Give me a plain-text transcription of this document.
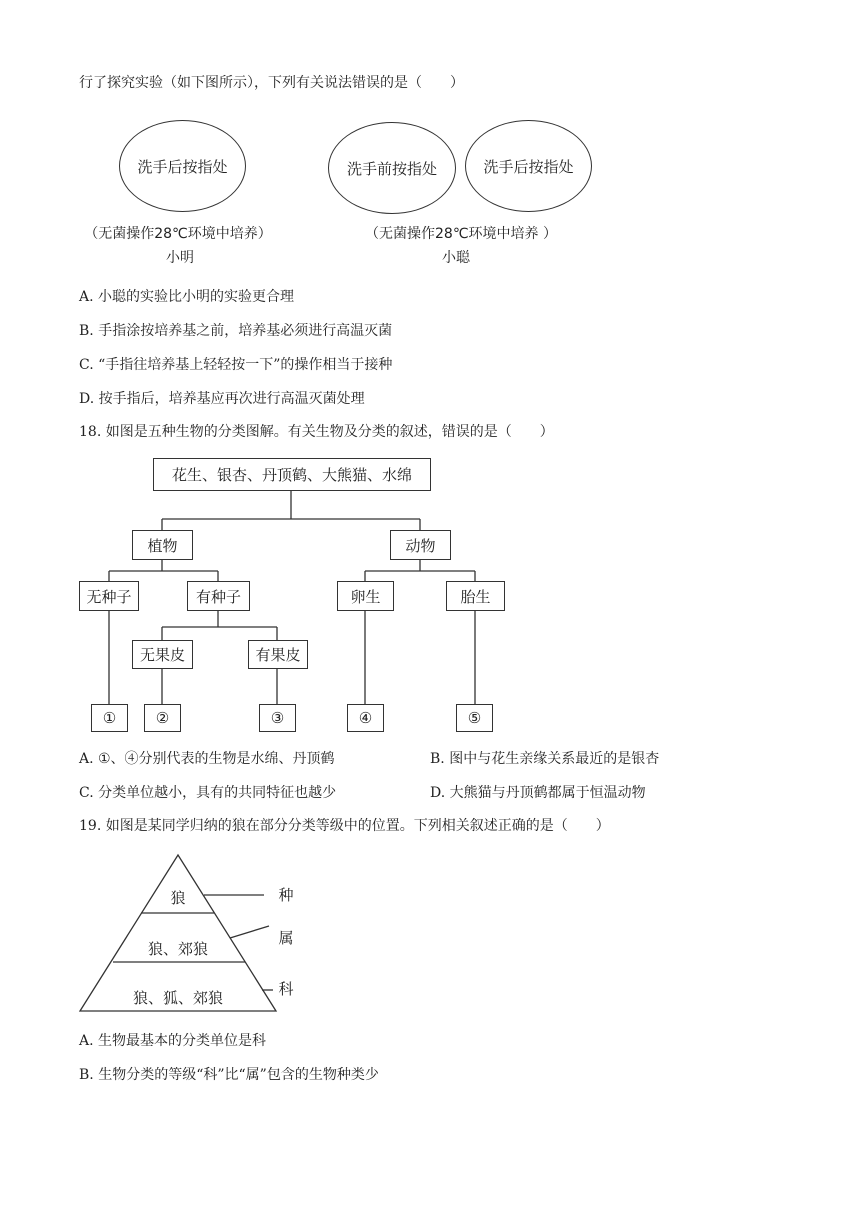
行了探究实验（如下图所示），下列有关说法错误的是（　　）
洗手后按指处	洗手前按指处	洗手后按指处
（无菌操作28℃环境中培养）
小明
（无菌操作28℃环境中培养 ）
小聪
A. 小聪的实验比小明的实验更合理
B. 手指涂按培养基之前，培养基必须进行高温灭菌
C. “手指往培养基上轻轻按一下”的操作相当于接种
D. 按手指后，培养基应再次进行高温灭菌处理
18. 如图是五种生物的分类图解。有关生物及分类的叙述，错误的是（　　）
花生、银杏、丹顶鹤、大熊猫、水绵
植物	动物
无种子	有种子	卵生	胎生
无果皮	有果皮
①	②	③	④	⑤
A. ①、④分别代表的生物是水绵、丹顶鹤	B. 图中与花生亲缘关系最近的是银杏
C. 分类单位越小，具有的共同特征也越少	D. 大熊猫与丹顶鹤都属于恒温动物
19. 如图是某同学归纳的狼在部分分类等级中的位置。下列相关叙述正确的是（　　）
狼
狼、郊狼
狼、狐、郊狼
种
属
科
A. 生物最基本的分类单位是科
B. 生物分类的等级“科”比“属”包含的生物种类少
